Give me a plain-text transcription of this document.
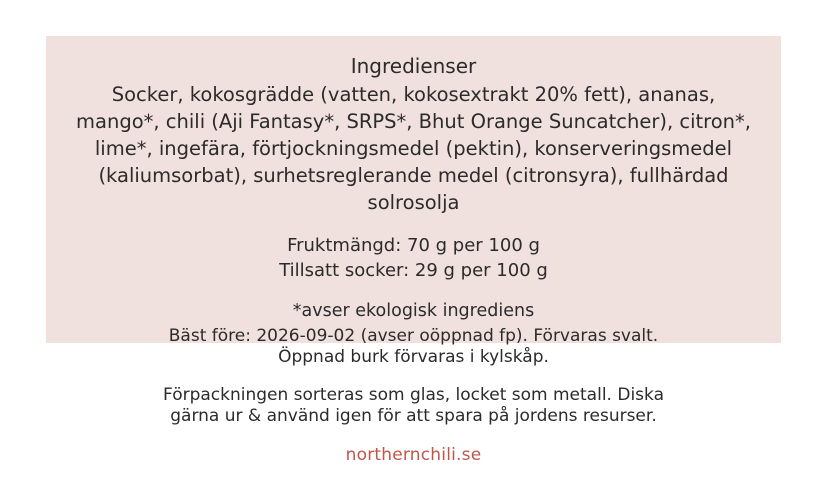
Ingredienser
Socker, kokosgrädde (vatten, kokosextrakt 20% fett), ananas, mango*, chili (Aji Fantasy*, SRPS*, Bhut Orange Suncatcher), citron*, lime*, ingefära, förtjockningsmedel (pektin), konserveringsmedel (kaliumsorbat), surhetsreglerande medel (citronsyra), fullhärdad solrosolja
Fruktmängd: 70 g per 100 g
Tillsatt socker: 29 g per 100 g
*avser ekologisk ingrediens
Bäst före: 2026-09-02 (avser oöppnad fp). Förvaras svalt.
Öppnad burk förvaras i kylskåp.
Förpackningen sorteras som glas, locket som metall. Diska
gärna ur & använd igen för att spara på jordens resurser.
northernchili.se
